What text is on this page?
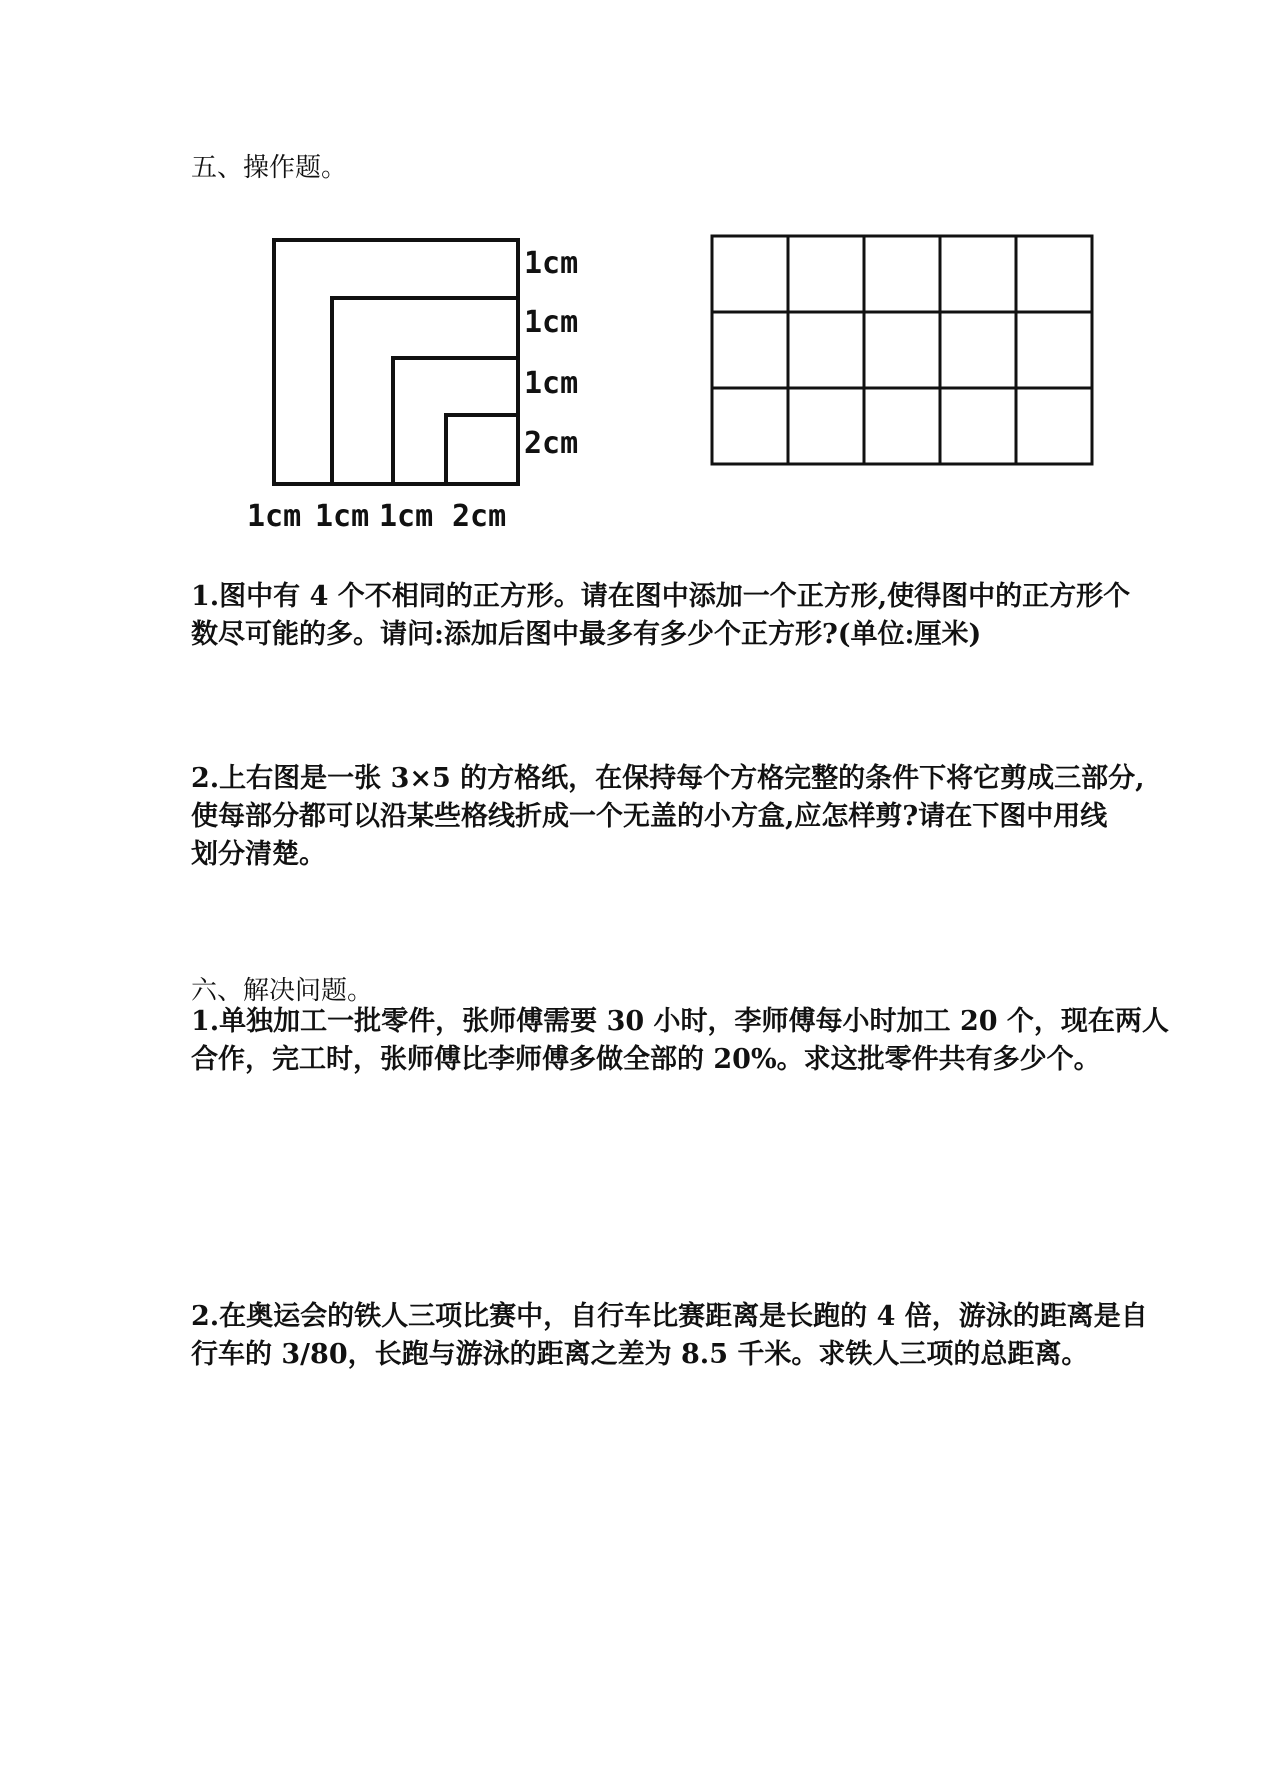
五、操作题。
1cm
1cm
1cm
2cm
1cm 1cm 1cm 2cm
1.图中有 4 个不相同的正方形。请在图中添加一个正方形,使得图中的正方形个
数尽可能的多。请问:添加后图中最多有多少个正方形?(单位:厘米)
2.上右图是一张 3×5 的方格纸，在保持每个方格完整的条件下将它剪成三部分,
使每部分都可以沿某些格线折成一个无盖的小方盒,应怎样剪?请在下图中用线
划分清楚。
六、解决问题。
1.单独加工一批零件，张师傅需要 30 小时，李师傅每小时加工 20 个，现在两人
合作，完工时，张师傅比李师傅多做全部的 20%。求这批零件共有多少个。
2.在奥运会的铁人三项比赛中，自行车比赛距离是长跑的 4 倍，游泳的距离是自
行车的 3/80，长跑与游泳的距离之差为 8.5 千米。求铁人三项的总距离。
